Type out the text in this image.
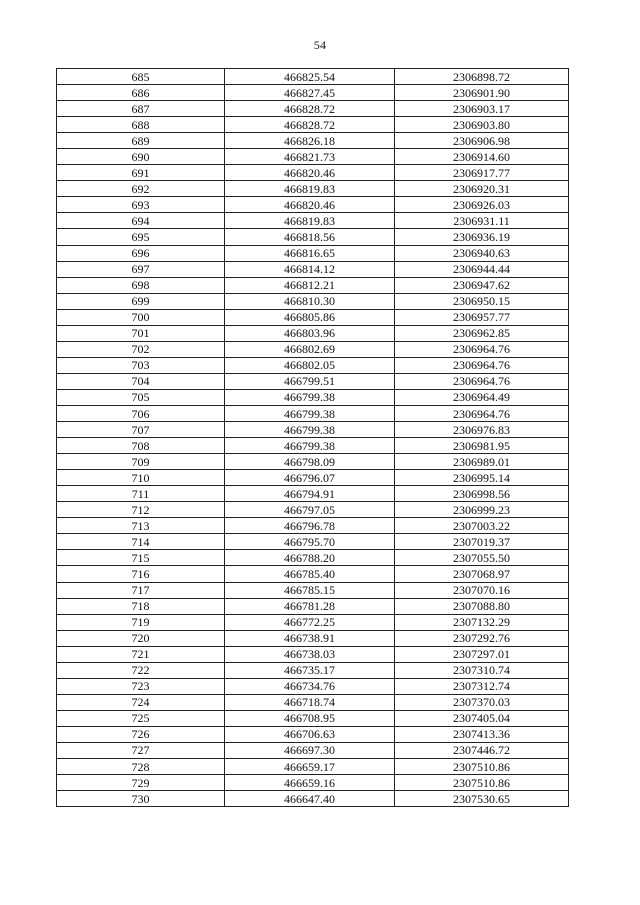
54
685	466825.54	2306898.72
686	466827.45	2306901.90
687	466828.72	2306903.17
688	466828.72	2306903.80
689	466826.18	2306906.98
690	466821.73	2306914.60
691	466820.46	2306917.77
692	466819.83	2306920.31
693	466820.46	2306926.03
694	466819.83	2306931.11
695	466818.56	2306936.19
696	466816.65	2306940.63
697	466814.12	2306944.44
698	466812.21	2306947.62
699	466810.30	2306950.15
700	466805.86	2306957.77
701	466803.96	2306962.85
702	466802.69	2306964.76
703	466802.05	2306964.76
704	466799.51	2306964.76
705	466799.38	2306964.49
706	466799.38	2306964.76
707	466799.38	2306976.83
708	466799.38	2306981.95
709	466798.09	2306989.01
710	466796.07	2306995.14
711	466794.91	2306998.56
712	466797.05	2306999.23
713	466796.78	2307003.22
714	466795.70	2307019.37
715	466788.20	2307055.50
716	466785.40	2307068.97
717	466785.15	2307070.16
718	466781.28	2307088.80
719	466772.25	2307132.29
720	466738.91	2307292.76
721	466738.03	2307297.01
722	466735.17	2307310.74
723	466734.76	2307312.74
724	466718.74	2307370.03
725	466708.95	2307405.04
726	466706.63	2307413.36
727	466697.30	2307446.72
728	466659.17	2307510.86
729	466659.16	2307510.86
730	466647.40	2307530.65
